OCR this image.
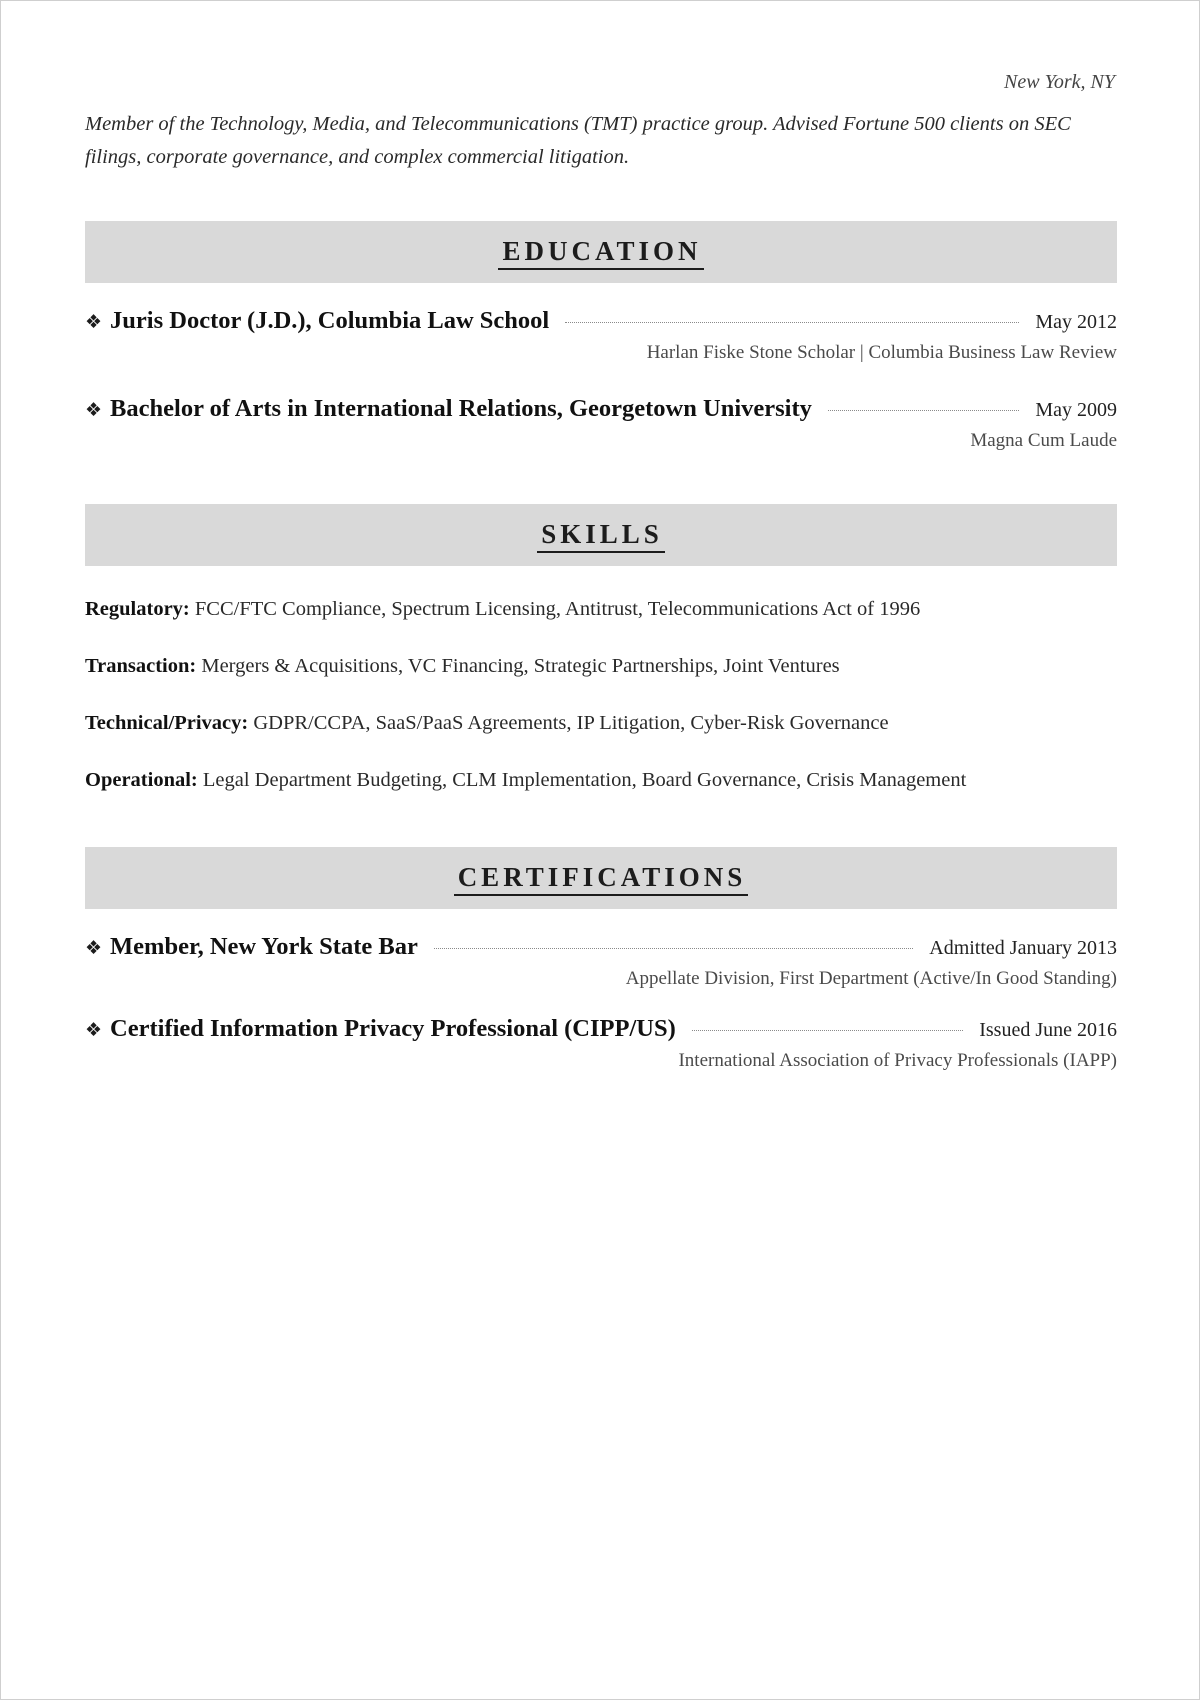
New York, NY
Member of the Technology, Media, and Telecommunications (TMT) practice group. Advised Fortune 500 clients on SEC filings, corporate governance, and complex commercial litigation.
EDUCATION
❖ Juris Doctor (J.D.), Columbia Law School	May 2012
Harlan Fiske Stone Scholar | Columbia Business Law Review
❖ Bachelor of Arts in International Relations, Georgetown University	May 2009
Magna Cum Laude
SKILLS
Regulatory: FCC/FTC Compliance, Spectrum Licensing, Antitrust, Telecommunications Act of 1996
Transaction: Mergers & Acquisitions, VC Financing, Strategic Partnerships, Joint Ventures
Technical/Privacy: GDPR/CCPA, SaaS/PaaS Agreements, IP Litigation, Cyber-Risk Governance
Operational: Legal Department Budgeting, CLM Implementation, Board Governance, Crisis Management
CERTIFICATIONS
❖ Member, New York State Bar	Admitted January 2013
Appellate Division, First Department (Active/In Good Standing)
❖ Certified Information Privacy Professional (CIPP/US)	Issued June 2016
International Association of Privacy Professionals (IAPP)
